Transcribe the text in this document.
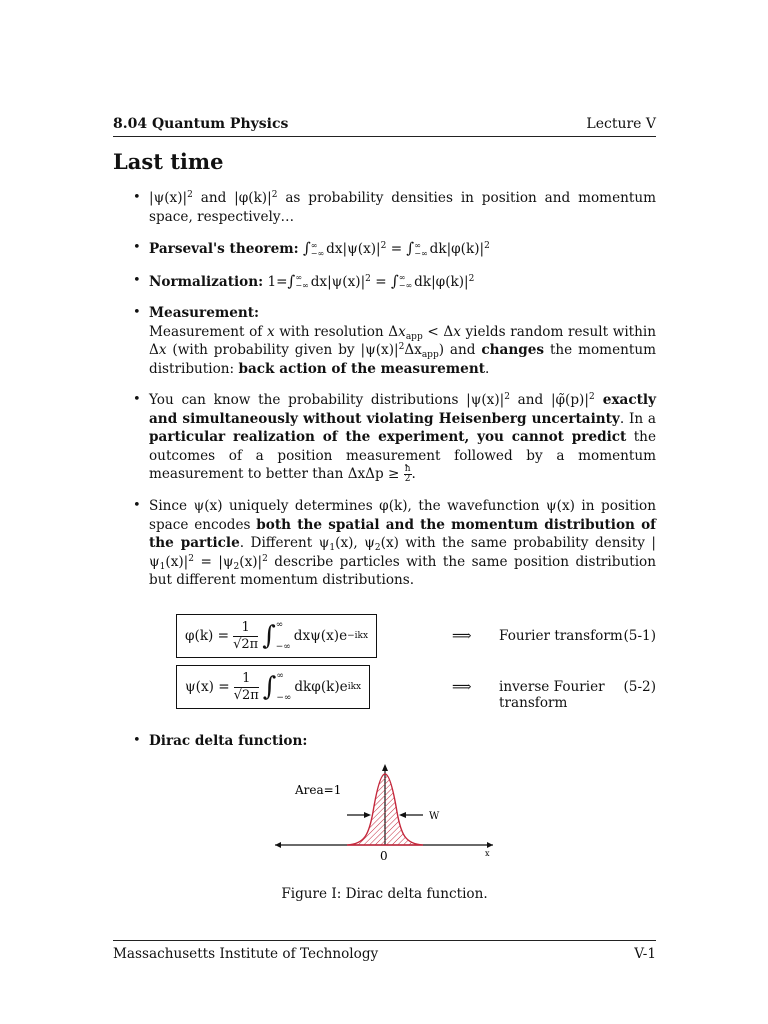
8.04 Quantum Physics	Lecture V
Last time
• $|\psi(x)|^2$ and $|\varphi(k)|^2$ as probability densities in position and momentum space, respectively…
• Parseval's theorem: ∫ ∞
−∞ $dx|\psi(x)|^2$ = ∫ ∞
−∞ $dk|\varphi(k)|^2$
• Normalization: 1=∫ ∞
−∞ $dx|\psi(x)|^2$ = ∫ ∞
−∞ $dk|\varphi(k)|^2$
• Measurement:
Measurement of x with resolution $\Delta x_{app} < \Delta x$ yields random result within Δx (with probability given by $|\psi(x)|^2\Delta x_{app}$) and changes the momentum distribution: back action of the measurement.
• You can know the probability distributions $|\psi(x)|^2$ and $|\varphĩ(p)|^2$ exactly and simultaneously without violating Heisenberg uncertainty. In a particular realization of the experiment, you cannot predict the outcomes of a position measurement followed by a momentum measurement to better than $\Delta x\Delta p \ge \frac{ħ}{2}$ .
• Since ψ(x) uniquely determines φ(k), the wavefunction ψ(x) in position space encodes both the spatial and the momentum distribution of the particle. Different $\psi_1(x)$, $\psi_2(x)$ with the same probability density $|\psi_1(x)|^2 = |\psi_2(x)|^2$ describe particles with the same position distribution but different momentum distributions.
$\varphi(k) = \frac{1}{√2\pi}$ ∫ ∞
−∞
dxψ(x)e −ikx	⟹ Fourier transform (5-1)
$\psi(x) = \frac{1}{√2\pi}$ ∫ ∞
−∞
dkφ(k)e ikx	⟹ inverse Fourier transform
(5-2)
• Dirac delta function:
Area=1
W
0	x
Figure I: Dirac delta function.
Massachusetts Institute of Technology	V-1
